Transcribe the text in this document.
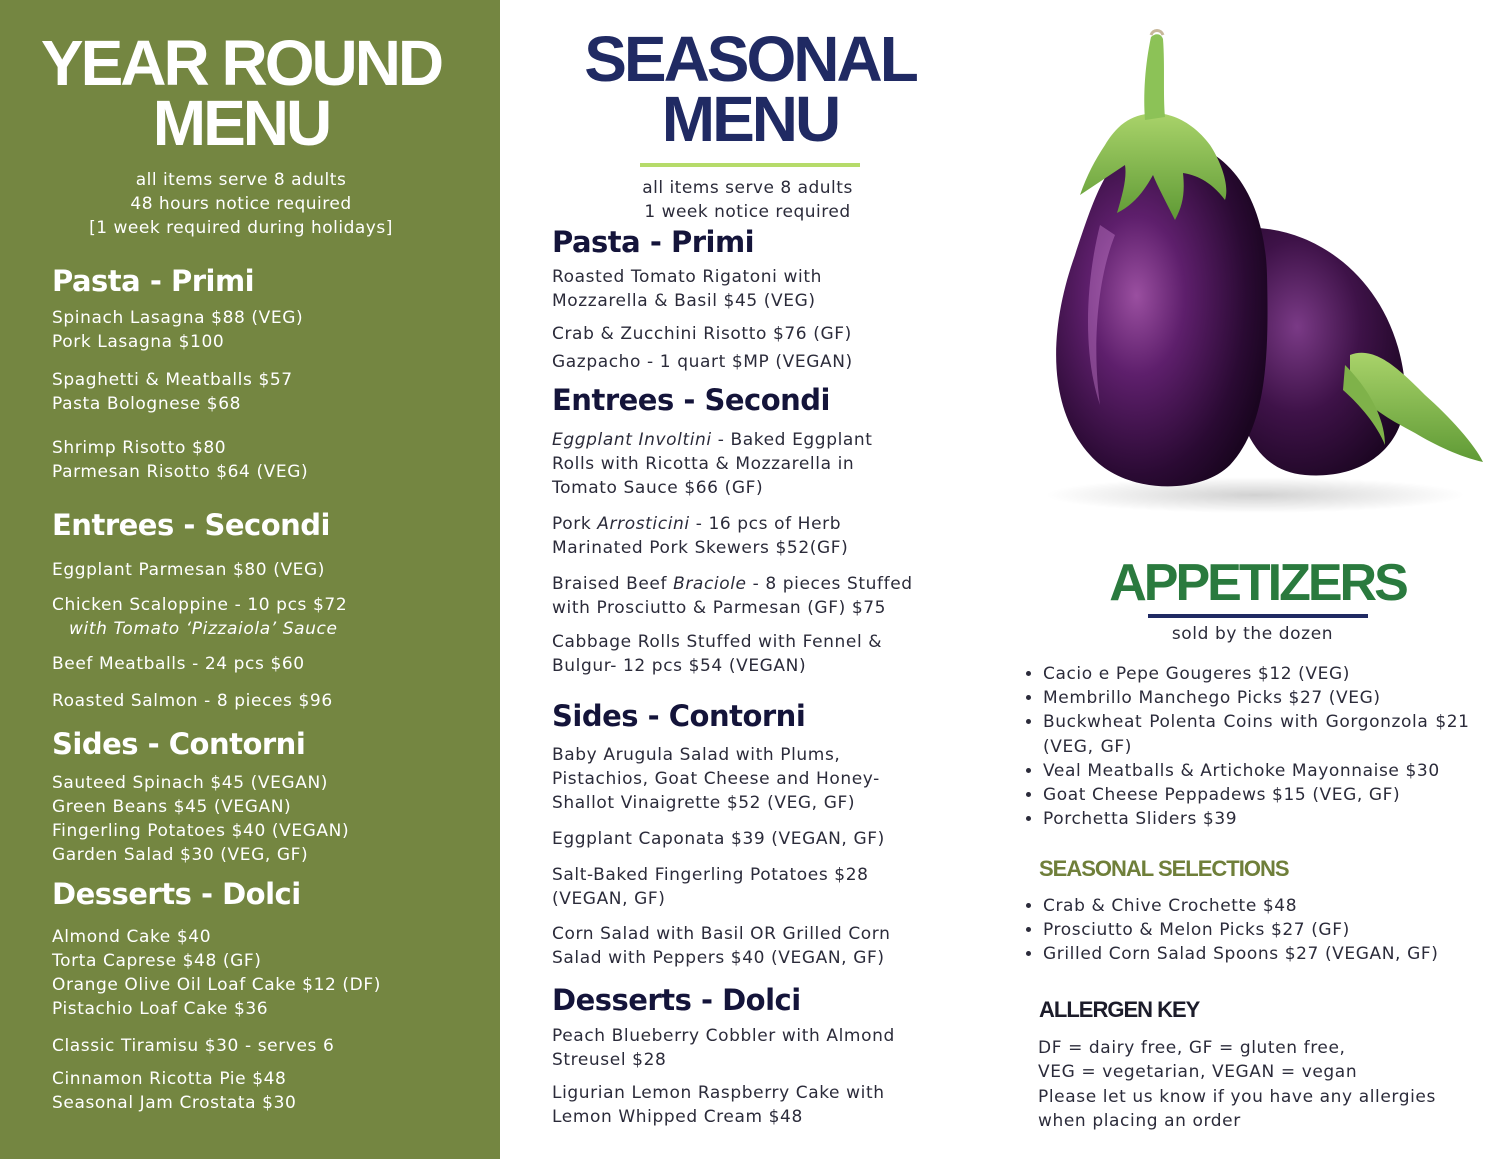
YEAR ROUND
MENU
all items serve 8 adults
48 hours notice required
[1 week required during holidays]
Pasta - Primi
Spinach Lasagna $88 (VEG)
Pork Lasagna $100
Spaghetti & Meatballs $57
Pasta Bolognese $68
Shrimp Risotto $80
Parmesan Risotto $64 (VEG)
Entrees - Secondi
Eggplant Parmesan $80 (VEG)
Chicken Scaloppine - 10 pcs $72
with Tomato ‘Pizzaiola’ Sauce
Beef Meatballs - 24 pcs $60
Roasted Salmon - 8 pieces $96
Sides - Contorni
Sauteed Spinach $45 (VEGAN)
Green Beans $45 (VEGAN)
Fingerling Potatoes $40 (VEGAN)
Garden Salad $30 (VEG, GF)
Desserts - Dolci
Almond Cake $40
Torta Caprese $48 (GF)
Orange Olive Oil Loaf Cake $12 (DF)
Pistachio Loaf Cake $36
Classic Tiramisu $30 - serves 6
Cinnamon Ricotta Pie $48
Seasonal Jam Crostata $30
SEASONAL
MENU
all items serve 8 adults
1 week notice required
Pasta - Primi
Roasted Tomato Rigatoni with
Mozzarella & Basil $45 (VEG)
Crab & Zucchini Risotto $76 (GF)
Gazpacho - 1 quart $MP (VEGAN)
Entrees - Secondi
Eggplant Involtini - Baked Eggplant
Rolls with Ricotta & Mozzarella in
Tomato Sauce $66 (GF)
Pork Arrosticini - 16 pcs of Herb
Marinated Pork Skewers $52(GF)
Braised Beef Braciole - 8 pieces Stuffed
with Prosciutto & Parmesan (GF) $75
Cabbage Rolls Stuffed with Fennel &
Bulgur- 12 pcs $54 (VEGAN)
Sides - Contorni
Baby Arugula Salad with Plums,
Pistachios, Goat Cheese and Honey-
Shallot Vinaigrette $52 (VEG, GF)
Eggplant Caponata $39 (VEGAN, GF)
Salt-Baked Fingerling Potatoes $28
(VEGAN, GF)
Corn Salad with Basil OR Grilled Corn
Salad with Peppers $40 (VEGAN, GF)
Desserts - Dolci
Peach Blueberry Cobbler with Almond
Streusel $28
Ligurian Lemon Raspberry Cake with
Lemon Whipped Cream $48
APPETIZERS
sold by the dozen
• Cacio e Pepe Gougeres $12 (VEG)
• Membrillo Manchego Picks $27 (VEG)
• Buckwheat Polenta Coins with Gorgonzola $21 (VEG, GF)
• Veal Meatballs & Artichoke Mayonnaise $30
• Goat Cheese Peppadews $15 (VEG, GF)
• Porchetta Sliders $39
SEASONAL SELECTIONS
• Crab & Chive Crochette $48
• Prosciutto & Melon Picks $27 (GF)
• Grilled Corn Salad Spoons $27 (VEGAN, GF)
ALLERGEN KEY
DF = dairy free, GF = gluten free,
VEG = vegetarian, VEGAN = vegan
Please let us know if you have any allergies
when placing an order
